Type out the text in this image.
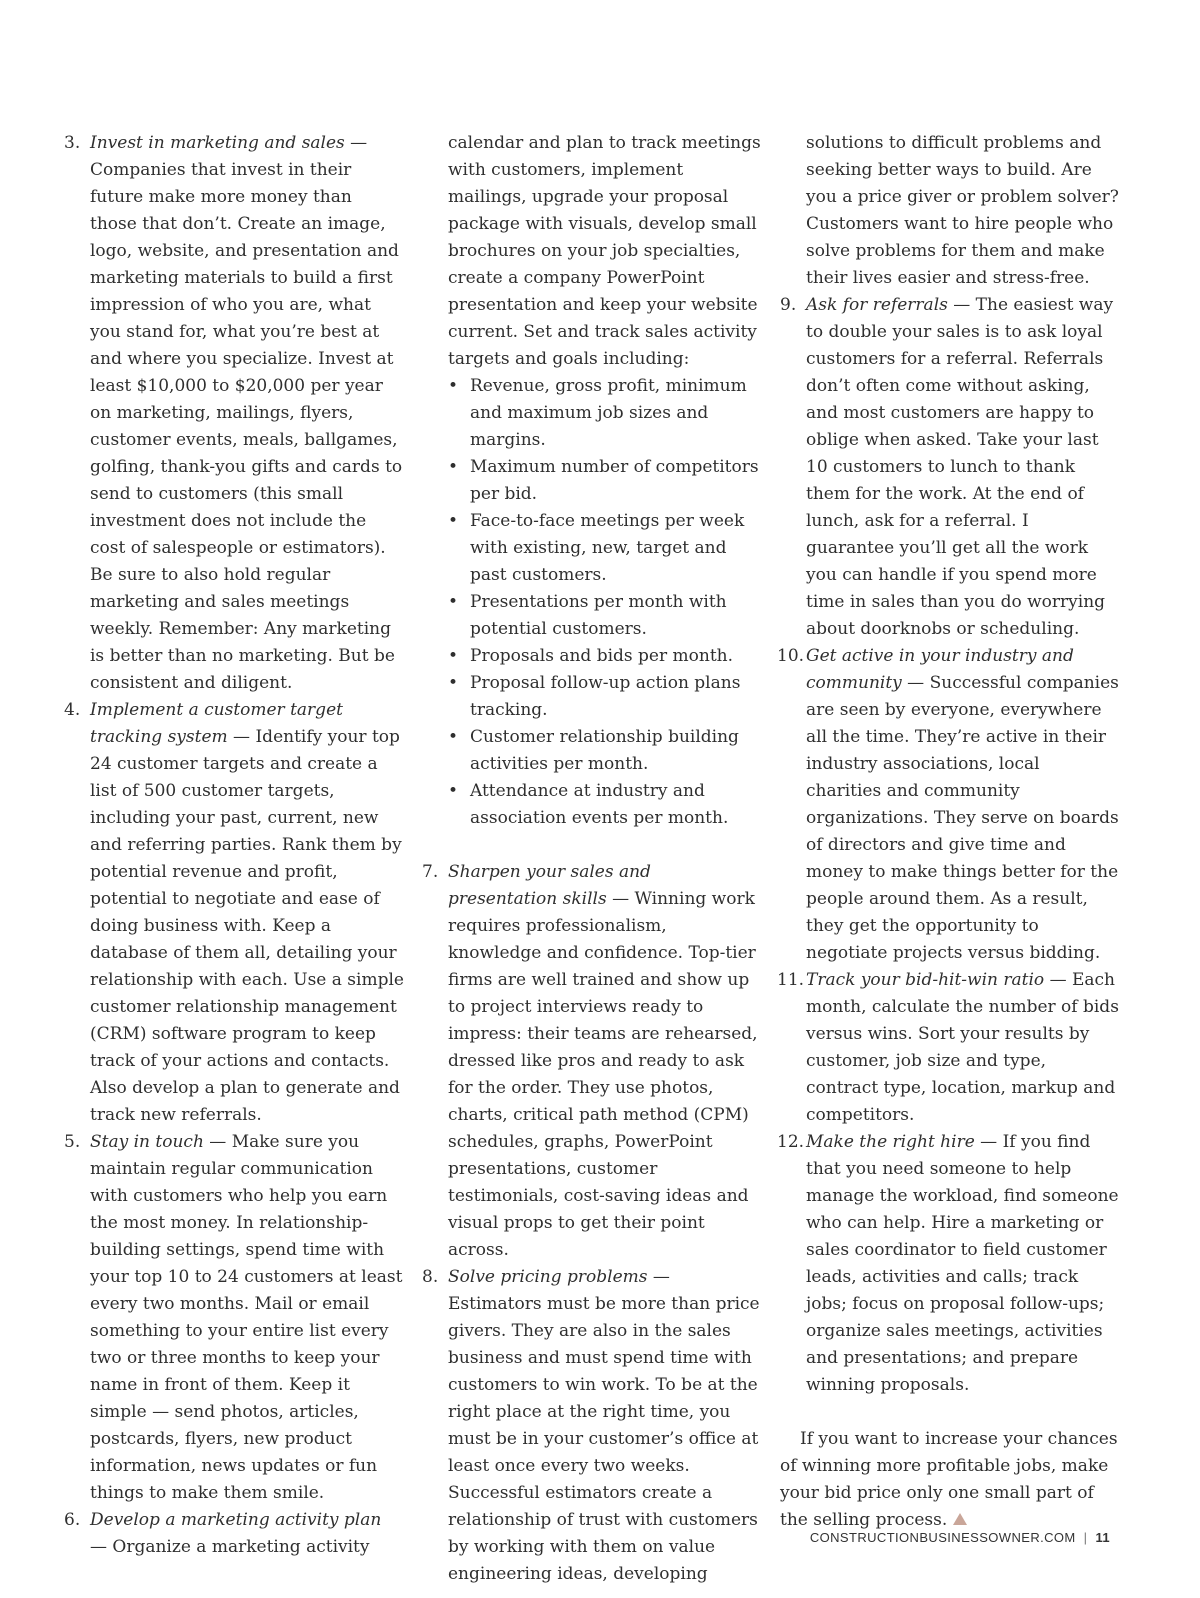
3. Invest in marketing and sales — Companies that invest in their future make more money than those that don’t. Create an image, logo, website, and presentation and marketing materials to build a first impression of who you are, what you stand for, what you’re best at and where you specialize. Invest at least $10,000 to $20,000 per year on marketing, mailings, flyers, customer events, meals, ballgames, golfing, thank-you gifts and cards to send to customers (this small investment does not include the cost of salespeople or estimators). Be sure to also hold regular marketing and sales meetings weekly. Remember: Any marketing is better than no marketing. But be consistent and diligent.
4. Implement a customer target tracking system — Identify your top 24 customer targets and create a list of 500 customer targets, including your past, current, new and referring parties. Rank them by potential revenue and profit, potential to negotiate and ease of doing business with. Keep a database of them all, detailing your relationship with each. Use a simple customer relationship management (CRM) software program to keep track of your actions and contacts. Also develop a plan to generate and track new referrals.
5. Stay in touch — Make sure you maintain regular communication with customers who help you earn the most money. In relationship-building settings, spend time with your top 10 to 24 customers at least every two months. Mail or email something to your entire list every two or three months to keep your name in front of them. Keep it simple — send photos, articles, postcards, flyers, new product information, news updates or fun things to make them smile.
6. Develop a marketing activity plan
— Organize a marketing activity

calendar and plan to track meetings with customers, implement mailings, upgrade your proposal package with visuals, develop small brochures on your job specialties, create a company PowerPoint presentation and keep your website current. Set and track sales activity targets and goals including:

• Revenue, gross profit, minimum and maximum job sizes and margins.
• Maximum number of competitors per bid.
• Face-to-face meetings per week with existing, new, target and past customers.
• Presentations per month with potential customers.
• Proposals and bids per month.
• Proposal follow-up action plans tracking.
• Customer relationship building activities per month.
• Attendance at industry and association events per month.
7. Sharpen your sales and presentation skills — Winning work requires professionalism, knowledge and confidence. Top-tier firms are well trained and show up to project interviews ready to impress: their teams are rehearsed, dressed like pros and ready to ask for the order. They use photos, charts, critical path method (CPM) schedules, graphs, PowerPoint presentations, customer testimonials, cost-saving ideas and visual props to get their point across.
8. Solve pricing problems — Estimators must be more than price givers. They are also in the sales business and must spend time with customers to win work. To be at the right place at the right time, you must be in your customer’s office at least once every two weeks. Successful estimators create a relationship of trust with customers by working with them on value engineering ideas, developing

solutions to difficult problems and seeking better ways to build. Are you a price giver or problem solver? Customers want to hire people who solve problems for them and make their lives easier and stress-free.

9. Ask for referrals — The easiest way to double your sales is to ask loyal customers for a referral. Referrals don’t often come without asking, and most customers are happy to oblige when asked. Take your last 10 customers to lunch to thank them for the work. At the end of lunch, ask for a referral. I guarantee you’ll get all the work you can handle if you spend more time in sales than you do worrying about doorknobs or scheduling.
10. Get active in your industry and community — Successful companies are seen by everyone, everywhere all the time. They’re active in their industry associations, local charities and community organizations. They serve on boards of directors and give time and money to make things better for the people around them. As a result, they get the opportunity to negotiate projects versus bidding.
11. Track your bid-hit-win ratio — Each month, calculate the number of bids versus wins. Sort your results by customer, job size and type, contract type, location, markup and competitors.
12. Make the right hire — If you find that you need someone to help manage the workload, find someone who can help. Hire a marketing or sales coordinator to field customer leads, activities and calls; track jobs; focus on proposal follow-ups; organize sales meetings, activities and presentations; and prepare winning proposals.

If you want to increase your chances of winning more profitable jobs, make your bid price only one small part of the selling process.

CONSTRUCTIONBUSINESSOWNER.COM | 11
